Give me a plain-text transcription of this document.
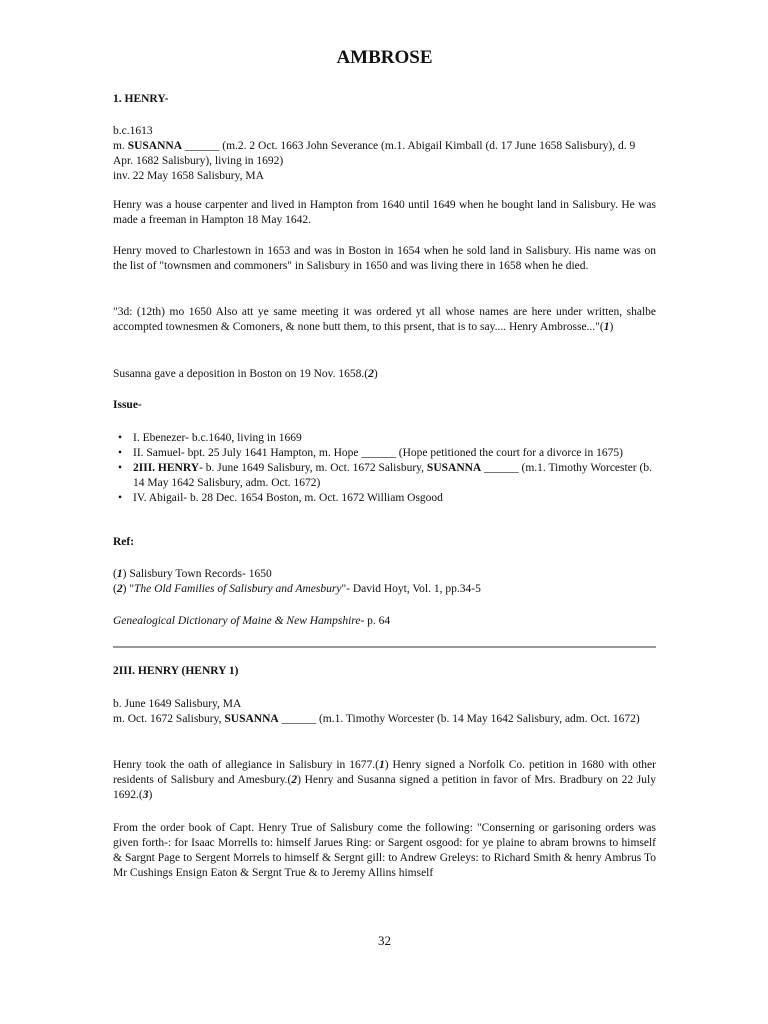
AMBROSE
1. HENRY-
b.c.1613
m. SUSANNA ______ (m.2. 2 Oct. 1663 John Severance (m.1. Abigail Kimball (d. 17 June 1658 Salisbury), d. 9 Apr. 1682 Salisbury), living in 1692)
inv. 22 May 1658 Salisbury, MA

Henry was a house carpenter and lived in Hampton from 1640 until 1649 when he bought land in Salisbury. He was made a freeman in Hampton 18 May 1642.

Henry moved to Charlestown in 1653 and was in Boston in 1654 when he sold land in Salisbury. His name was on the list of "townsmen and commoners" in Salisbury in 1650 and was living there in 1658 when he died.

"3d: (12th) mo 1650 Also att ye same meeting it was ordered yt all whose names are here under written, shalbe accompted townesmen & Comoners, & none butt them, to this prsent, that is to say.... Henry Ambrosse..."(1)

Susanna gave a deposition in Boston on 19 Nov. 1658.(2)

Issue-
• I. Ebenezer- b.c.1640, living in 1669
• II. Samuel- bpt. 25 July 1641 Hampton, m. Hope ______ (Hope petitioned the court for a divorce in 1675)
• 2III. HENRY- b. June 1649 Salisbury, m. Oct. 1672 Salisbury, SUSANNA ______ (m.1. Timothy Worcester (b. 14 May 1642 Salisbury, adm. Oct. 1672)
• IV. Abigail- b. 28 Dec. 1654 Boston, m. Oct. 1672 William Osgood
Ref:
(1) Salisbury Town Records- 1650
(2) "The Old Families of Salisbury and Amesbury"- David Hoyt, Vol. 1, pp.34-5
Genealogical Dictionary of Maine & New Hampshire- p. 64
2III. HENRY (HENRY 1)
b. June 1649 Salisbury, MA
m. Oct. 1672 Salisbury, SUSANNA ______ (m.1. Timothy Worcester (b. 14 May 1642 Salisbury, adm. Oct. 1672)

Henry took the oath of allegiance in Salisbury in 1677.(1) Henry signed a Norfolk Co. petition in 1680 with other residents of Salisbury and Amesbury.(2) Henry and Susanna signed a petition in favor of Mrs. Bradbury on 22 July 1692.(3)

From the order book of Capt. Henry True of Salisbury come the following: "Conserning or garisoning orders was given forth-: for Isaac Morrells to: himself Jarues Ring: or Sargent osgood: for ye plaine to abram browns to himself & Sargnt Page to Sergent Morrels to himself & Sergnt gill: to Andrew Greleys: to Richard Smith & henry Ambrus To Mr Cushings Ensign Eaton & Sergnt True & to Jeremy Allins himself

32
